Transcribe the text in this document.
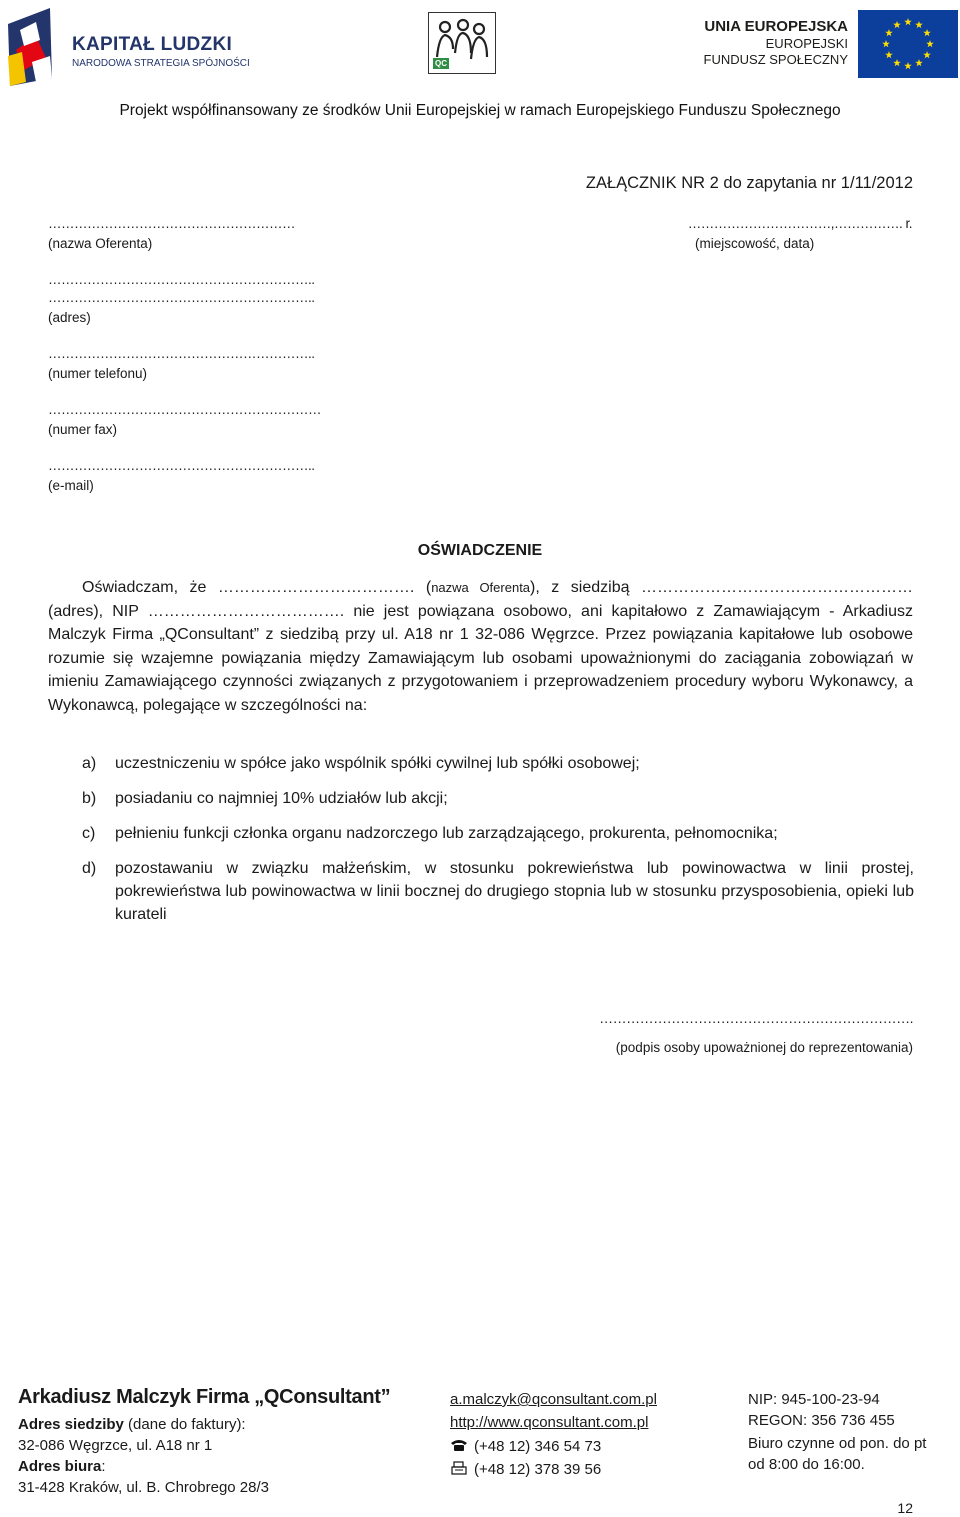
KAPITAŁ LUDZKI
NARODOWA STRATEGIA SPÓJNOŚCI	QC
UNIA EUROPEJSKA
EUROPEJSKI
FUNDUSZ SPOŁECZNY
Projekt współfinansowany ze środków Unii Europejskiej w ramach Europejskiego Funduszu Społecznego
ZAŁĄCZNIK NR 2 do zapytania nr 1/11/2012
…………………………………………………
(nazwa Oferenta)
……………………………,……………. r.
(miejscowość, data)
……………………………………………………..
……………………………………………………..
(adres)
……………………………………………………..
(numer telefonu)
………………………………………………………
(numer fax)
……………………………………………………..
(e-mail)
OŚWIADCZENIE
Oświadczam, że ………………………………. (nazwa Oferenta), z siedzibą …………………………………………… (adres), NIP ………………………………. nie jest powiązana osobowo, ani kapitałowo z Zamawiającym - Arkadiusz Malczyk Firma „QConsultant” z siedzibą przy ul. A18 nr 1 32-086 Węgrzce. Przez powiązania kapitałowe lub osobowe rozumie się wzajemne powiązania między Zamawiającym lub osobami upoważnionymi do zaciągania zobowiązań w imieniu Zamawiającego czynności związanych z przygotowaniem i przeprowadzeniem procedury wyboru Wykonawcy, a Wykonawcą, polegające w szczególności na:
a) uczestniczeniu w spółce jako wspólnik spółki cywilnej lub spółki osobowej;
b) posiadaniu co najmniej 10% udziałów lub akcji;
c) pełnieniu funkcji członka organu nadzorczego lub zarządzającego, prokurenta, pełnomocnika;
d) pozostawaniu w związku małżeńskim, w stosunku pokrewieństwa lub powinowactwa w linii prostej, pokrewieństwa lub powinowactwa w linii bocznej do drugiego stopnia lub w stosunku przysposobienia, opieki lub kurateli
…………………………………………………………….
(podpis osoby upoważnionej do reprezentowania)
Arkadiusz Malczyk Firma „QConsultant”
Adres siedziby (dane do faktury):
32-086 Węgrzce, ul. A18 nr 1
Adres biura:
31-428 Kraków, ul. B. Chrobrego 28/3
a.malczyk@qconsultant.com.pl
http://www.qconsultant.com.pl
(+48 12) 346 54 73
(+48 12) 378 39 56
NIP: 945-100-23-94
REGON: 356 736 455
Biuro czynne od pon. do pt
od 8:00 do 16:00.
12
